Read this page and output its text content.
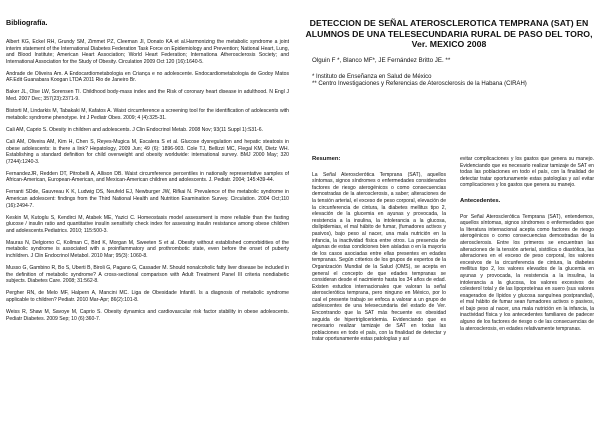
Bibliografía.

Albert KG, Eckel RH, Grundy SM, Zimmet PZ, Cleeman JI, Donato KA et al.Harmonizing the metabolic syndrome a joint interim statement of the International Diabetes Federation Task Force on Epidemiology and Prevention; National Heart, Lung, and Blood Institute; American Heart Association; World Heart Federation; Internationa Atherosclerosis Society; and International Association for the Study of Obesity. Circulation 2009 Oct 120 (16):1640-5.

Andrade de Oliveira Am. A Endocardiometabologia en Criança e no adolescente. Endocardiometabologia de Godoy Matos AF.Edit Guanabara Koogan LTDA 2011 Rio de Janeiro Br.

Baker JL, Olse LW, Sorensen TI. Childhood body-mass index and the Risk of coronary heart disease in adulthood. N Engl J Med. 2007 Dec; 357(23):2371-9.

Bistorti M, Lindarkis M, Tabakaki M, Kafatos A. Waist circumference a screening tool for the identification of adolescents with metabolic syndrome phenotype. Int J Pediatr Obes. 2009; 4 (4):325-31.

Cali AM, Caprio S. Obesity in children and adolescents. J Clin Endocrinol Metab. 2008 Nov; 93(11 Suppl 1):S31-6.

Cali AM, Oliveira AM, Kim H, Chen S, Reyes-Mugica M, Escalera S et al. Glucose dysregulation and hepatic steatosis in obese adolescents: is there a link? Hepatology, 2009 Jun; 49 (6): 1896-903. Cole TJ, Bellizzi MC, Flegal KM, Dietz WH. Establishing a standard definition for child overweight and obesity worldwide: international survey. BMJ 2000 May; 320 (7244):1240-3.

FernandezJR, Redden DT, Pitrobelli A, Allison DB. Waist circumference percentiles in nationally representative samples of African-American, European-American, and Mexican-American children and adolescents. J. Pediatr. 2004; 145:439-44.

Ferranti SDde, Gauvreau K K, Ludwig DS, Neufeld EJ, Newburger JW, Rifkai N. Prevalence of the metabolic syndrome in American adolescent: findings from the Third National Health and Nutrition Examination Survey. Circulation. 2004 Oct;110 (16):2494-7.

Keskin M, Kutoglu S, Kendirci M, Atabek ME, Yazici C. Homeostasis model assessment is more reliable than the fasting glucose / insulin ratio and quantitative insulin sensitivity check index for assessing insulin resistance among obese children and adolescents.Pediatrics. 2010; 115:500-3.

Mauras N, Delgiorno C, Kollman C, Bird K, Morgan M, Sweeten S et al. Obesity without established comorbidities of the metabolic syndrome is associated with a proinflammatory and prothrombotic state, even before the onset of puberty inchildren. J Clin Endocrinol Metabol. 2010 Mar; 95(3): 1060-8.

Musso G, Gambino R, Bo S, Uberti B, Biroli G, Pagano G, Cassader M. Should nonalcoholic fatty liver disease be included in the definition of metabolic syndrome? A cross-sectional comparison with Adult Treatment Panel III criteria nondiabetic subjects. Diabetes Care. 2008; 31:562-8.

Pergher RN, de Melo MF, Halpern A, Mancini MC. Liga de Obesidade Infantil. Is a diagnosis of metabolic syndrome applicable to children? Pediatr. 2010 Mar-Apr; 86(2):101-8.

Weiss R, Shaw M, Savoye M, Caprio S. Obesity dynamics and cardiovascular risk factor stability in obese adolescents. Pediatr Diabetes. 2009 Sep; 10 (6):360-7.

DETECCION DE SEÑAL ATEROSCLEROTICA TEMPRANA (SAT) EN ALUMNOS DE UNA TELESECUNDARIA RURAL DE PASO DEL TORO, Ver. MEXICO 2008
Olguin F *, Blanco MF*, JE Fernández Britto JE. **
* Instituto de Enseñanza en Salud de México
** Centro Investigaciones y Referencias de Aterosclerosis de la Habana (CIRAH)
Resumen:

La Señal Aterosclerótica Temprana (SAT), aquellos síntomas, signos síndromes o enfermedades considerados factores de riesgo aterogénicos o como consecuencias demostradas de la aterosclerosis, a saber; alteraciones de la tensión arterial, el exceso de peso corporal, elevación de la circunferencia de cintura, la diabetes mellitus tipo 2, elevación de la glucemia en ayunas y provocada, la resistencia a la insulina, la intolerancia a la glucosa, dislipidemias, el mal hábito de fumar, (fumadores activos y pasivos), bajo peso al nacer, una mala nutrición en la infancia, la inactividad física entre otros. La presencia de algunas de estas condiciones bien aisladas o en la mayoría de los casos asociadas entre ellas presentes en edades tempranas. Según criterios de los grupos de expertos de la Organización Mundial de la Salud (OMS), se acepta en general el concepto de que edades tempranas se consideran desde el nacimiento hasta los 34 años de edad. Existen estudios internacionales que valoran la señal aterosclerótica temprana, pero ninguno en México, por lo cual el presente trabajo se enfoca a valorar a un grupo de adolescentes de una telesecundaria del estado de Ver. Encontrando que la SAT más frecuente es obesidad seguida de hipertrigliceridemia. Evidenciando que es necesario realizar tamizaje de SAT en todas las poblaciones en todo el país, con la finalidad de detectar y tratar oportunamente estas patologías y así

evitar complicaciones y los gastos que genera su manejo. Evidenciando que es necesario realizar tamizaje de SAT en todas las poblaciones en todo el país, con la finalidad de detectar tratar oportunamente estas patologías y así evitar complicaciones y los gastos que genera su manejo.

Antecedentes.

Por Señal Aterosclerótica Temprana (SAT), entendemos, aquellos síntomas, signos síndromes o enfermedades que la literatura internacional acepta como factores de riesgo aterogénicos o como consecuencias demostradas de la aterosclerosis. Entre los primeros se encuentran las alteraciones de la tensión arterial, sistólica o diastólica, las alteraciones en el exceso de peso corporal, los valores excesivos de la circunferencia de cintura, la diabetes mellitus tipo 2, los valores elevados de la glucemia en ayunas y provocada, la resistencia a la insulina, la intolerancia a la glucosa, los valores excesivos de colesterol total y de las lipoproteínas en suero (sus valores exagerados de lípidos y glucosa sanguínea postprandial), el mal hábito de fumar sean fumadores activos o pasivos, el bajo peso al nacer, una mala nutrición en la infancia, la inactividad física y los antecedentes familiares de padecer alguno de los factores de riesgo o de las consecuencias de la aterosclerosis, en edades relativamente tempranas.
